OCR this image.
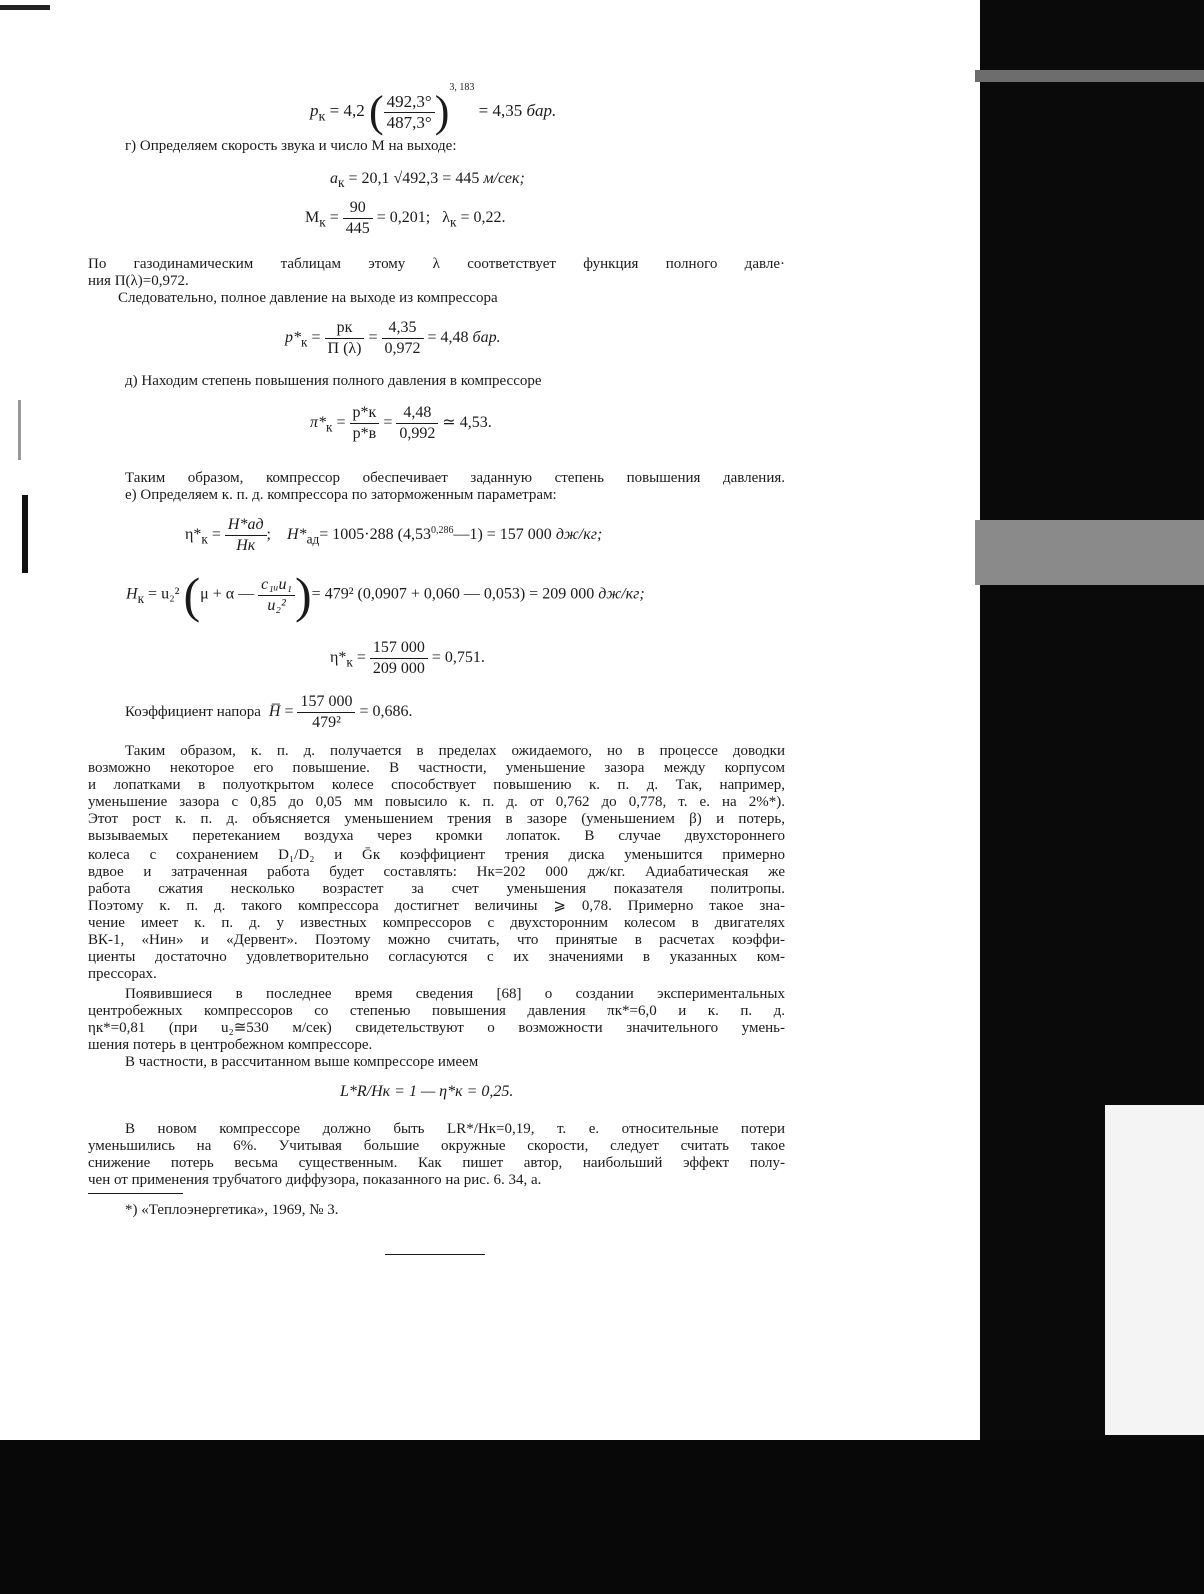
$p_к = 4,2$ ( $\frac{492,3^\circ}{487,3^\circ} )^{3, 183} = 4,35$ бар.
г) Определяем скорость звука и число М на выходе:
$a_к = 20,1$ √492,3 = 445 м/сек;
$M_к = \frac{90}{445} = 0,201$; $\lambda_к = 0,22$.
По газодинамическим таблицам этому λ соответствует функция полного давле·
ния П(λ)=0,972.
Следовательно, полное давление на выходе из компрессора
$p*_к = \frac{pк}{П (\lambda)} = \frac{4,35}{0,972} = 4,48$ бар.
д) Находим степень повышения полного давления в компрессоре
$\pi*_к = \frac{p*к}{p*в} = \frac{4,48}{0,992}$ ≃ 4,53.
Таким образом, компрессор обеспечивает заданную степень повышения давления.
е) Определяем к. п. д. компрессора по заторможенным параметрам:
$\eta*_к = \frac{H*ад}{Hк}$ ; $H*_{ад}= 1005\cdot 288$ $(4,53^{0,286}—1) = 157$ 000 дж/кг;
$H_к = u_2^2$ (μ + α — $\frac{\text{c₁ᵤu₁}}{\text{u₂²}}$ )= 479² (0,0907 + 0,060 — 0,053) = 209 000 дж/кг;
$\eta*_к = \frac{157 000}{209 000} = 0,751$.
Коэффициент напора H̅ = $\frac{157 000}{\text{479²}} = 0,686$.
Таким образом, к. п. д. получается в пределах ожидаемого, но в процессе доводки
возможно некоторое его повышение. В частности, уменьшение зазора между корпусом
и лопатками в полуоткрытом колесе способствует повышению к. п. д. Так, например,
уменьшение зазора с 0,85 до 0,05 мм повысило к. п. д. от 0,762 до 0,778, т. е. на 2%*).
Этот рост к. п. д. объясняется уменьшением трения в зазоре (уменьшением β) и потерь,
вызываемых перетеканием воздуха через кромки лопаток. В случае двухстороннего
колеса с сохранением D₁/D₂ и Ḡк коэффициент трения диска уменьшится примерно
вдвое и затраченная работа будет составлять: Hк=202 000 дж/кг. Адиабатическая же
работа сжатия несколько возрастет за счет уменьшения показателя политропы.
Поэтому к. п. д. такого компрессора достигнет величины ⩾ 0,78. Примерно такое зна-
чение имеет к. п. д. у известных компрессоров с двухсторонним колесом в двигателях
ВК-1, «Нин» и «Дервент». Поэтому можно считать, что принятые в расчетах коэффи-
циенты достаточно удовлетворительно согласуются с их значениями в указанных ком-
прессорах.
Появившиеся в последнее время сведения [68] о создании экспериментальных
центробежных компрессоров со степенью повышения давления πк*=6,0 и к. п. д.
ηк*=0,81 (при u₂≅530 м/сек) свидетельствуют о возможности значительного умень-
шения потерь в центробежном компрессоре.
В частности, в рассчитанном выше компрессоре имеем
L*R/Hк = 1 — η*к = 0,25.
В новом компрессоре должно быть LR*/Hк=0,19, т. е. относительные потери
уменьшились на 6%. Учитывая большие окружные скорости, следует считать такое
снижение потерь весьма существенным. Как пишет автор, наибольший эффект полу-
чен от применения трубчатого диффузора, показанного на рис. 6. 34, а.
*) «Теплоэнергетика», 1969, № 3.
